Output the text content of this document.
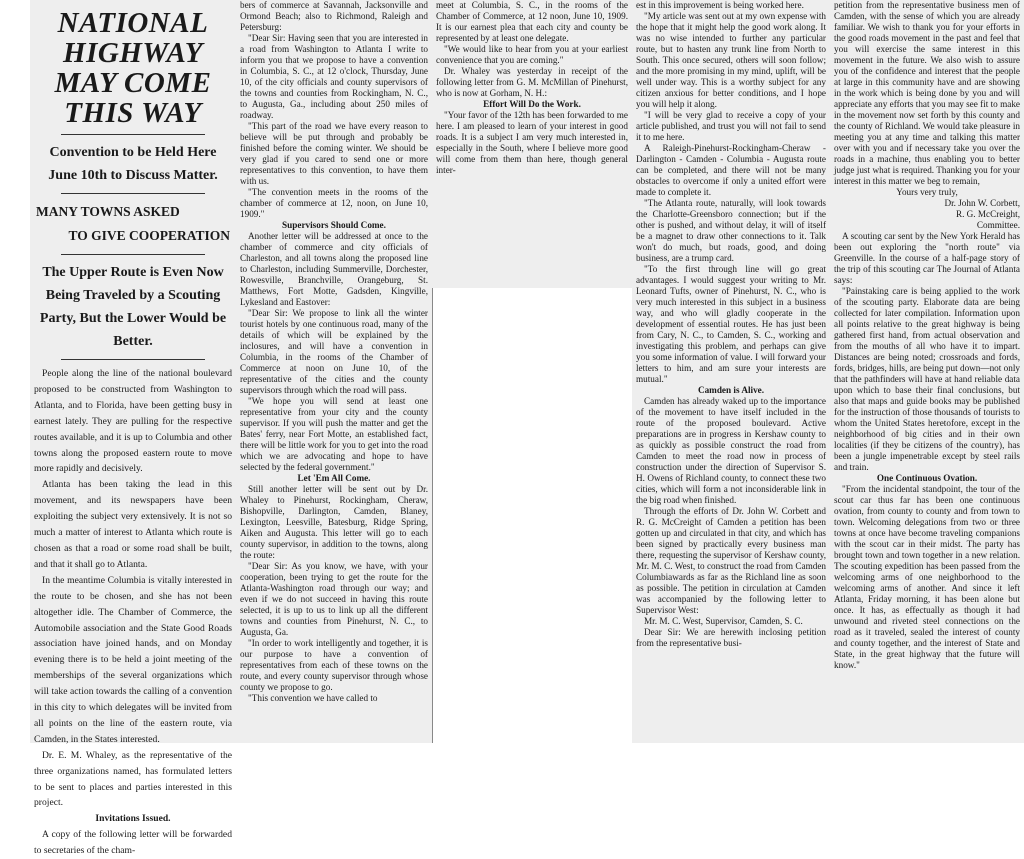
NATIONAL HIGHWAY

MAY COME THIS WAY

Convention to be Held Here June 10th to Discuss Matter.

MANY TOWNS ASKED

TO GIVE COOPERATION

The Upper Route is Even Now Being Traveled by a Scouting Party, But the Lower Would be Better.

People along the line of the national boulevard proposed to be constructed from Washington to Atlanta, and to Florida, have been getting busy in earnest lately. They are pulling for the respective routes available, and it is up to Columbia and other towns along the proposed eastern route to move more rapidly and decisively.

Atlanta has been taking the lead in this movement, and its newspapers have been exploiting the subject very extensively. It is not so much a matter of interest to Atlanta which route is chosen as that a road or some road shall be built, and that it shall go to Atlanta.

In the meantime Columbia is vitally interested in the route to be chosen, and she has not been altogether idle. The Chamber of Commerce, the Automobile association and the State Good Roads association have joined hands, and on Monday evening there is to be held a joint meeting of the memberships of the several organizations which will take action towards the calling of a convention in this city to which delegates will be invited from all points on the line of the eastern route, via Camden, in the States interested.

Dr. E. M. Whaley, as the representative of the three organizations named, has formulated letters to be sent to places and parties interested in this project.

Invitations Issued.

A copy of the following letter will be forwarded to secretaries of the cham-

bers of commerce at Savannah, Jacksonville and Ormond Beach; also to Richmond, Raleigh and Petersburg:

"Dear Sir: Having seen that you are interested in a road from Washington to Atlanta I write to inform you that we propose to have a convention in Columbia, S. C., at 12 o'clock, Thursday, June 10, of the city officials and county supervisors of the towns and counties from Rockingham, N. C., to Augusta, Ga., including about 250 miles of roadway.

"This part of the road we have every reason to believe will be put through and probably be finished before the coming winter. We should be very glad if you cared to send one or more representatives to this convention, to have them with us.

"The convention meets in the rooms of the chamber of commerce at 12, noon, on June 10, 1909."

Supervisors Should Come.

Another letter will be addressed at once to the chamber of commerce and city officials of Charleston, and all towns along the proposed line to Charleston, including Summerville, Dorchester, Rowesville, Branchville, Orangeburg, St. Matthews, Fort Motte, Gadsden, Kingville, Lykesland and Eastover:

"Dear Sir: We propose to link all the winter tourist hotels by one continuous road, many of the details of which will be explained by the inclosures, and will have a convention in Columbia, in the rooms of the Chamber of Commerce at noon on June 10, of the representative of the cities and the county supervisors through which the road will pass.

"We hope you will send at least one representative from your city and the county supervisor. If you will push the matter and get the Bates' ferry, near Fort Motte, an established fact, there will be little work for you to get into the road which we are advocating and hope to have selected by the federal government."

Let 'Em All Come.

Still another letter will be sent out by Dr. Whaley to Pinehurst, Rockingham, Cheraw, Bishopville, Darlington, Camden, Blaney, Lexington, Leesville, Batesburg, Ridge Spring, Aiken and Augusta. This letter will go to each county supervisor, in addition to the towns, along the route:

"Dear Sir: As you know, we have, with your cooperation, been trying to get the route for the Atlanta-Washington road through our way; and even if we do not succeed in having this route selected, it is up to us to link up all the different towns and counties from Pinehurst, N. C., to Augusta, Ga.

"In order to work intelligently and together, it is our purpose to have a convention of representatives from each of these towns on the route, and every county supervisor through whose county we propose to go.

"This convention we have called to

meet at Columbia, S. C., in the rooms of the Chamber of Commerce, at 12 noon, June 10, 1909. It is our earnest plea that each city and county be represented by at least one delegate.

"We would like to hear from you at your earliest convenience that you are coming."

Dr. Whaley was yesterday in receipt of the following letter from G. M. McMillan of Pinehurst, who is now at Gorham, N. H.:

Effort Will Do the Work.

"Your favor of the 12th has been forwarded to me here. I am pleased to learn of your interest in good roads. It is a subject I am very much interested in, especially in the South, where I believe more good will come from them than here, though general inter-

est in this improvement is being worked here.

"My article was sent out at my own expense with the hope that it might help the good work along. It was no wise intended to further any particular route, but to hasten any trunk line from North to South. This once secured, others will soon follow; and the more promising in my mind, uplift, will be well under way. This is a worthy subject for any citizen anxious for better conditions, and I hope you will help it along.

"I will be very glad to receive a copy of your article published, and trust you will not fail to send it to me here.

A Raleigh-Pinehurst-Rockingham-Cheraw - Darlington - Camden - Columbia - Augusta route can be completed, and there will not be many obstacles to overcome if only a united effort were made to complete it.

"The Atlanta route, naturally, will look towards the Charlotte-Greensboro connection; but if the other is pushed, and without delay, it will of itself be a magnet to draw other connections to it. Talk won't do much, but roads, good, and doing business, are a trump card.

"To the first through line will go great advantages. I would suggest your writing to Mr. Leonard Tufts, owner of Pinehurst, N. C., who is very much interested in this subject in a business way, and who will gladly cooperate in the development of essential routes. He has just been from Cary, N. C., to Camden, S. C., working and investigating this problem, and perhaps can give you some information of value. I will forward your letters to him, and am sure your interests are mutual."

Camden is Alive.

Camden has already waked up to the importance of the movement to have itself included in the route of the proposed boulevard. Active preparations are in progress in Kershaw county to as quickly as possible construct the road from Camden to meet the road now in process of construction under the direction of Supervisor S. H. Owens of Richland county, to connect these two cities, which will form a not inconsiderable link in the big road when finished.

Through the efforts of Dr. John W. Corbett and R. G. McCreight of Camden a petition has been gotten up and circulated in that city, and which has been signed by practically every business man there, requesting the supervisor of Kershaw county, Mr. M. C. West, to construct the road from Camden Columbiawards as far as the Richland line as soon as possible. The petition in circulation at Camden was accompanied by the following letter to Supervisor West:

Mr. M. C. West, Supervisor, Camden, S. C.

Dear Sir: We are herewith inclosing petition from the representative busi-

petition from the representative business men of Camden, with the sense of which you are already familiar. We wish to thank you for your efforts in the good roads movement in the past and feel that you will exercise the same interest in this movement in the future. We also wish to assure you of the confidence and interest that the people at large in this community have and are showing in the work which is being done by you and will appreciate any efforts that you may see fit to make in the movement now set forth by this county and the county of Richland. We would take pleasure in meeting you at any time and talking this matter over with you and if necessary take you over the roads in a machine, thus enabling you to better judge just what is required. Thanking you for your interest in this matter we beg to remain,

Yours very truly,

Dr. John W. Corbett,

R. G. McCreight,

Committee.

A scouting car sent by the New York Herald has been out exploring the "north route" via Greenville. In the course of a half-page story of the trip of this scouting car The Journal of Atlanta says:

"Painstaking care is being applied to the work of the scouting party. Elaborate data are being collected for later compilation. Information upon all points relative to the great highway is being gathered first hand, from actual observation and from the mouths of all who have it to impart. Distances are being noted; crossroads and fords, fords, bridges, hills, are being put down—not only that the pathfinders will have at hand reliable data upon which to base their final conclusions, but also that maps and guide books may be published for the instruction of those thousands of tourists to whom the United States heretofore, except in the neighborhood of big cities and in their own localities (if they be citizens of the country), has been a jungle impenetrable except by steel rails and train.

One Continuous Ovation.

"From the incidental standpoint, the tour of the scout car thus far has been one continuous ovation, from county to county and from town to town. Welcoming delegations from two or three towns at once have become traveling companions with the scout car in their midst. The party has brought town and town together in a new relation. The scouting expedition has been passed from the welcoming arms of one neighborhood to the welcoming arms of another. And since it left Atlanta, Friday morning, it has been alone but once. It has, as effectually as though it had unwound and riveted steel connections on the road as it traveled, sealed the interest of county and county together, and the interest of State and State, in the great highway that the future will know."
